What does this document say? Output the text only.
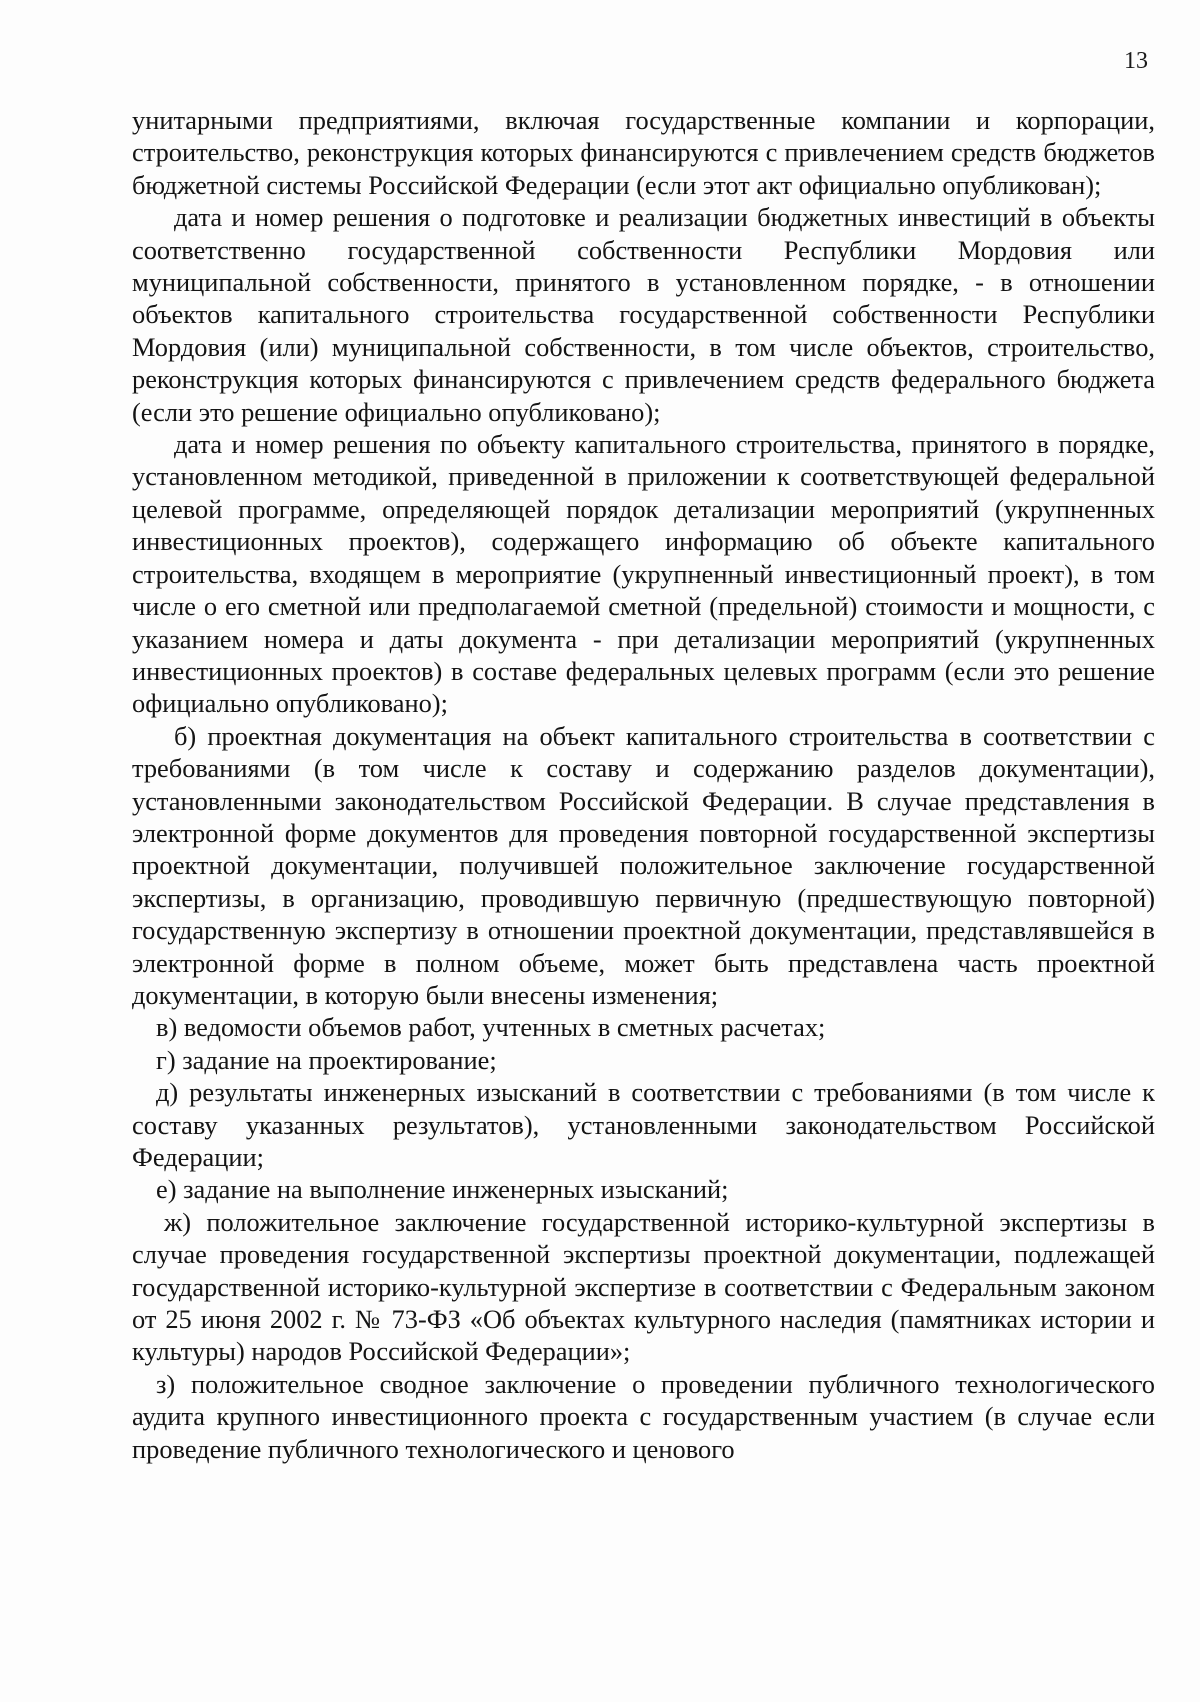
13

унитарными предприятиями, включая государственные компании и корпорации, строительство, реконструкция которых финансируются с привлечением средств бюджетов бюджетной системы Российской Федерации (если этот акт официально опубликован);

дата и номер решения о подготовке и реализации бюджетных инвестиций в объекты соответственно государственной собственности Республики Мордовия или муниципальной собственности, принятого в установленном порядке, - в отношении объектов капитального строительства государственной собственности Республики Мордовия (или) муниципальной собственности, в том числе объектов, строительство, реконструкция которых финансируются с привлечением средств федерального бюджета (если это решение официально опубликовано);

дата и номер решения по объекту капитального строительства, принятого в порядке, установленном методикой, приведенной в приложении к соответствующей федеральной целевой программе, определяющей порядок детализации мероприятий (укрупненных инвестиционных проектов), содержащего информацию об объекте капитального строительства, входящем в мероприятие (укрупненный инвестиционный проект), в том числе о его сметной или предполагаемой сметной (предельной) стоимости и мощности, с указанием номера и даты документа - при детализации мероприятий (укрупненных инвестиционных проектов) в составе федеральных целевых программ (если это решение официально опубликовано);

б) проектная документация на объект капитального строительства в соответствии с требованиями (в том числе к составу и содержанию разделов документации), установленными законодательством Российской Федерации. В случае представления в электронной форме документов для проведения повторной государственной экспертизы проектной документации, получившей положительное заключение государственной экспертизы, в организацию, проводившую первичную (предшествующую повторной) государственную экспертизу в отношении проектной документации, представлявшейся в электронной форме в полном объеме, может быть представлена часть проектной документации, в которую были внесены изменения;

в) ведомости объемов работ, учтенных в сметных расчетах;

г) задание на проектирование;

д) результаты инженерных изысканий в соответствии с требованиями (в том числе к составу указанных результатов), установленными законодательством Российской Федерации;

е) задание на выполнение инженерных изысканий;

ж) положительное заключение государственной историко-культурной экспертизы в случае проведения государственной экспертизы проектной документации, подлежащей государственной историко-культурной экспертизе в соответствии с Федеральным законом от 25 июня 2002 г. № 73-ФЗ «Об объектах культурного наследия (памятниках истории и культуры) народов Российской Федерации»;

з) положительное сводное заключение о проведении публичного технологического аудита крупного инвестиционного проекта с государственным участием (в случае если проведение публичного технологического и ценового
